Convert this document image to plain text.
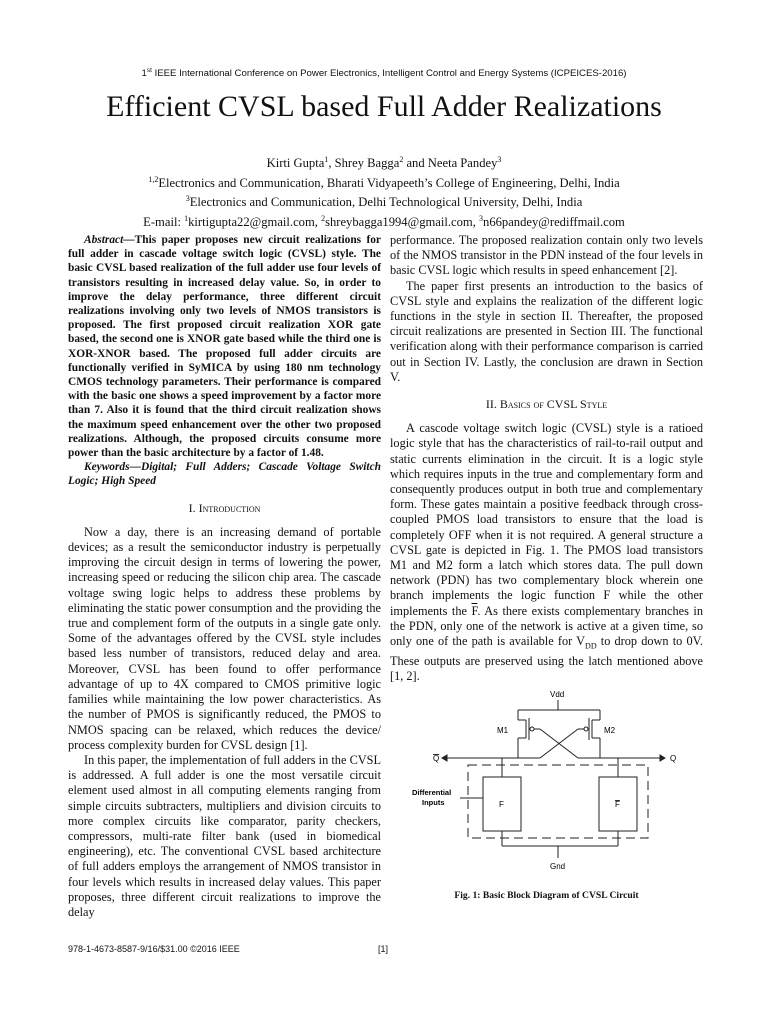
1st IEEE International Conference on Power Electronics, Intelligent Control and Energy Systems (ICPEICES-2016)
Efficient CVSL based Full Adder Realizations
Kirti Gupta$^1$, Shrey Bagga$^2$ and Neeta Pandey$^3$
$^{1,2}$Electronics and Communication, Bharati Vidyapeeth’s College of Engineering, Delhi, India
$^3$Electronics and Communication, Delhi Technological University, Delhi, India
E-mail: $^1$kirtigupta22@gmail.com, $^2$shreybagga1994@gmail.com, $^3$n66pandey@rediffmail.com

Abstract—This paper proposes new circuit realizations for full adder in cascade voltage switch logic (CVSL) style. The basic CVSL based realization of the full adder use four levels of transistors resulting in increased delay value. So, in order to improve the delay performance, three different circuit realizations involving only two levels of NMOS transistors is proposed. The first proposed circuit realization XOR gate based, the second one is XNOR gate based while the third one is XOR-XNOR based. The proposed full adder circuits are functionally verified in SyMICA by using 180 nm technology CMOS technology parameters. Their performance is compared with the basic one shows a speed improvement by a factor more than 7. Also it is found that the third circuit realization shows the maximum speed enhancement over the other two proposed realizations. Although, the proposed circuits consume more power than the basic architecture by a factor of 1.48.

Keywords—Digital; Full Adders; Cascade Voltage Switch Logic; High Speed

I. Introduction

Now a day, there is an increasing demand of portable devices; as a result the semiconductor industry is perpetually improving the circuit design in terms of lowering the power, increasing speed or reducing the silicon chip area. The cascade voltage swing logic helps to address these problems by eliminating the static power consumption and the providing the true and complement form of the outputs in a single gate only. Some of the advantages offered by the CVSL style includes based less number of transistors, reduced delay and area. Moreover, CVSL has been found to offer performance advantage of up to 4X compared to CMOS primitive logic families while maintaining the low power characteristics. As the number of PMOS is significantly reduced, the PMOS to NMOS spacing can be relaxed, which reduces the device/ process complexity burden for CVSL design [1].

In this paper, the implementation of full adders in the CVSL is addressed. A full adder is one the most versatile circuit element used almost in all computing elements ranging from simple circuits subtracters, multipliers and division circuits to more complex circuits like comparator, parity checkers, compressors, multi-rate filter bank (used in biomedical engineering), etc. The conventional CVSL based architecture of full adders employs the arrangement of NMOS transistor in four levels which results in increased delay values. This paper proposes, three different circuit realizations to improve the delay

performance. The proposed realization contain only two levels of the NMOS transistor in the PDN instead of the four levels in basic CVSL logic which results in speed enhancement [2].

The paper first presents an introduction to the basics of CVSL style and explains the realization of the different logic functions in the style in section II. Thereafter, the proposed circuit realizations are presented in Section III. The functional verification along with their performance comparison is carried out in Section IV. Lastly, the conclusion are drawn in Section V.

II. Basics of CVSL Style

A cascode voltage switch logic (CVSL) style is a ratioed logic style that has the characteristics of rail-to-rail output and static currents elimination in the circuit. It is a logic style which requires inputs in the true and complementary form and consequently produces output in both true and complementary form. These gates maintain a positive feedback through cross-coupled PMOS load transistors to ensure that the load is completely OFF when it is not required. A general structure a CVSL gate is depicted in Fig. 1. The PMOS load transistors M1 and M2 form a latch which stores data. The pull down network (PDN) has two complementary block wherein one branch implements the logic function F while the other implements the $\overline{F}$. As there exists complementary branches in the PDN, only one of the network is active at a given time, so only one of the path is available for $V_{DD}$ to drop down to 0V. These outputs are preserved using the latch mentioned above [1, 2].

Vdd
M1	M2
Q	Q
Differential
Inputs	F	F
Gnd

Fig. 1: Basic Block Diagram of CVSL Circuit

978-1-4673-8587-9/16/$31.00 ©2016 IEEE	[1]
